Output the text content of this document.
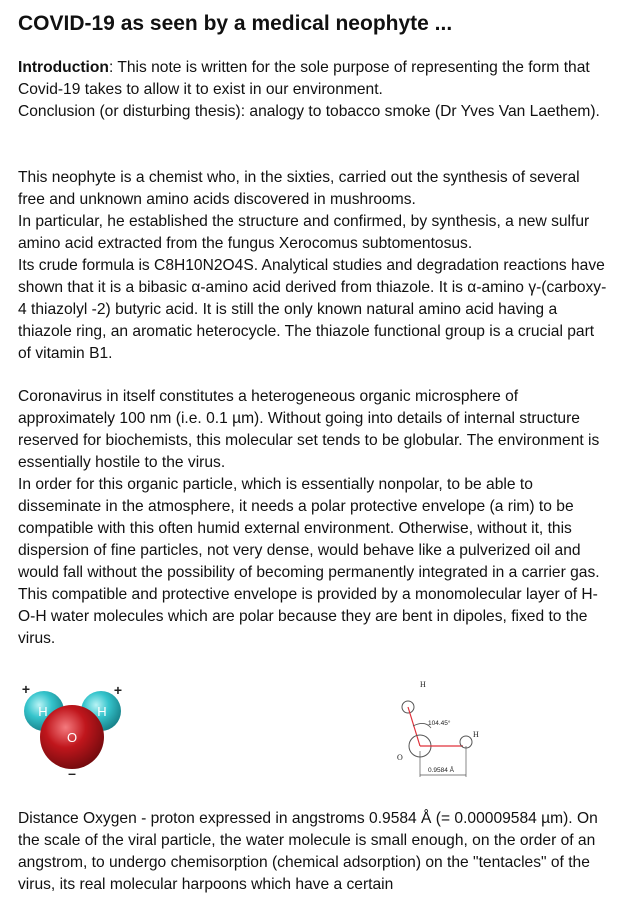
COVID-19 as seen by a medical neophyte ...

Introduction: This note is written for the sole purpose of representing the form that Covid-19 takes to allow it to exist in our environment.

Conclusion (or disturbing thesis): analogy to tobacco smoke (Dr Yves Van Laethem).

This neophyte is a chemist who, in the sixties, carried out the synthesis of several free and unknown amino acids discovered in mushrooms.

In particular, he established the structure and confirmed, by synthesis, a new sulfur amino acid extracted from the fungus Xerocomus subtomentosus.

Its crude formula is C8H10N2O4S. Analytical studies and degradation reactions have shown that it is a bibasic α-amino acid derived from thiazole. It is α-amino γ-(carboxy-4 thiazolyl -2) butyric acid. It is still the only known natural amino acid having a thiazole ring, an aromatic heterocycle. The thiazole functional group is a crucial part of vitamin B1.

Coronavirus in itself constitutes a heterogeneous organic microsphere of approximately 100 nm (i.e. 0.1 µm). Without going into details of internal structure reserved for biochemists, this molecular set tends to be globular. The environment is essentially hostile to the virus.

In order for this organic particle, which is essentially nonpolar, to be able to disseminate in the atmosphere, it needs a polar protective envelope (a rim) to be compatible with this often humid external environment. Otherwise, without it, this dispersion of fine particles, not very dense, would behave like a pulverized oil and would fall without the possibility of becoming permanently integrated in a carrier gas. This compatible and protective envelope is provided by a monomolecular layer of H-O-H water molecules which are polar because they are bent in dipoles, fixed to the virus.

H	H
O
+	+
–
H
104.45°
H
O
0.9584 Å

Distance Oxygen - proton expressed in angstroms 0.9584 Å (= 0.00009584 µm). On the scale of the viral particle, the water molecule is small enough, on the order of an angstrom, to undergo chemisorption (chemical adsorption) on the "tentacles" of the virus, its real molecular harpoons which have a certain
